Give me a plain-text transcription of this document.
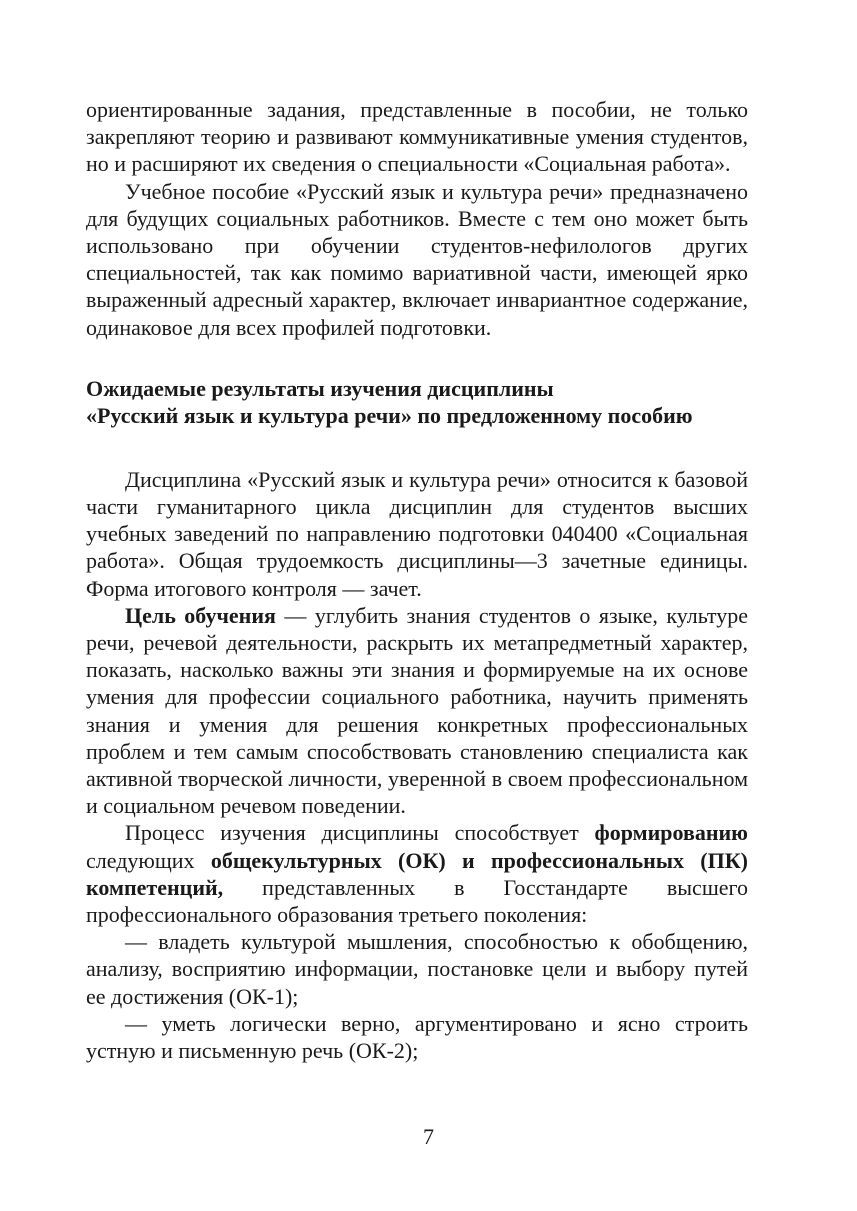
ориентированные задания, представленные в пособии, не только закрепляют теорию и развивают коммуникативные умения студентов, но и расширяют их сведения о специальности «Социальная работа».

Учебное пособие «Русский язык и культура речи» предназначено для будущих социальных работников. Вместе с тем оно может быть использовано при обучении студентов-нефилологов других специальностей, так как помимо вариативной части, имеющей ярко выраженный адресный характер, включает инвариантное содержание, одинаковое для всех профилей подготовки.

Ожидаемые результаты изучения дисциплины

«Русский язык и культура речи» по предложенному пособию

Дисциплина «Русский язык и культура речи» относится к базовой части гуманитарного цикла дисциплин для студентов высших учебных заведений по направлению подготовки 040400 «Социальная работа». Общая трудоемкость дисциплины—3 зачетные единицы. Форма итогового контроля — зачет.

Цель обучения — углубить знания студентов о языке, культуре речи, речевой деятельности, раскрыть их метапредметный характер, показать, насколько важны эти знания и формируемые на их основе умения для профессии социального работника, научить применять знания и умения для решения конкретных профессиональных проблем и тем самым способствовать становлению специалиста как активной творческой личности, уверенной в своем профессиональном и социальном речевом поведении.

Процесс изучения дисциплины способствует формированию следующих общекультурных (ОК) и профессиональных (ПК) компетенций, представленных в Госстандарте высшего профессионального образования третьего поколения:

— владеть культурой мышления, способностью к обобщению, анализу, восприятию информации, постановке цели и выбору путей ее достижения (ОК-1);

— уметь логически верно, аргументировано и ясно строить устную и письменную речь (ОК-2);

7
